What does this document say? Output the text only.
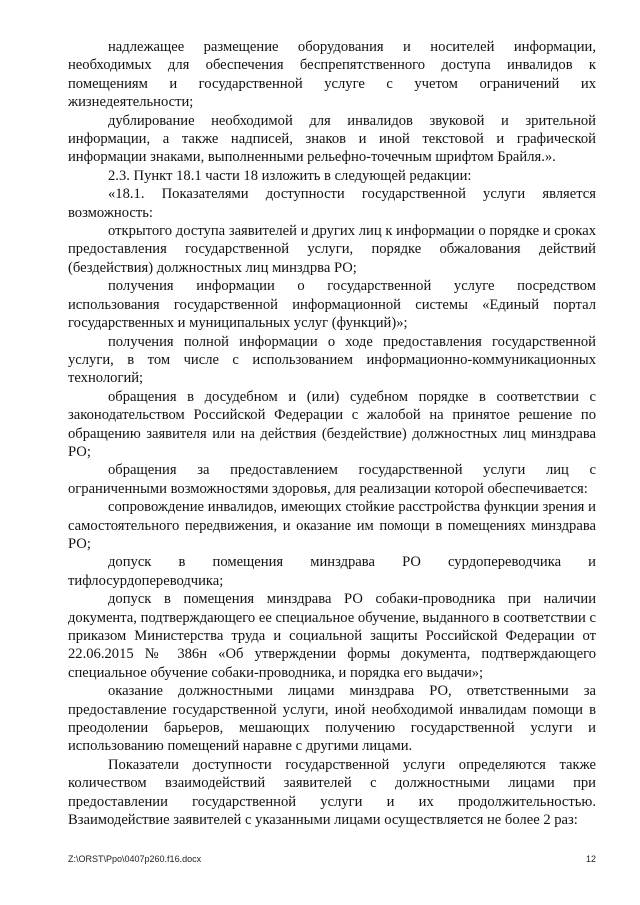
надлежащее размещение оборудования и носителей информации, необходимых для обеспечения беспрепятственного доступа инвалидов к помещениям и государственной услуге с учетом ограничений их жизнедеятельности;

дублирование необходимой для инвалидов звуковой и зрительной информации, а также надписей, знаков и иной текстовой и графической информации знаками, выполненными рельефно-точечным шрифтом Брайля.».

2.3. Пункт 18.1 части 18 изложить в следующей редакции:

«18.1. Показателями доступности государственной услуги является возможность:

открытого доступа заявителей и других лиц к информации о порядке и сроках предоставления государственной услуги, порядке обжалования действий (бездействия) должностных лиц минздрва РО;

получения информации о государственной услуге посредством использования государственной информационной системы «Единый портал государственных и муниципальных услуг (функций)»;

получения полной информации о ходе предоставления государственной услуги, в том числе с использованием информационно-коммуникационных технологий;

обращения в досудебном и (или) судебном порядке в соответствии с законодательством Российской Федерации с жалобой на принятое решение по обращению заявителя или на действия (бездействие) должностных лиц минздрава РО;

обращения за предоставлением государственной услуги лиц с ограниченными возможностями здоровья, для реализации которой обеспечивается:

сопровождение инвалидов, имеющих стойкие расстройства функции зрения и самостоятельного передвижения, и оказание им помощи в помещениях минздрава РО;

допуск в помещения минздрава РО сурдопереводчика и тифлосурдопереводчика;

допуск в помещения минздрава РО собаки-проводника при наличии документа, подтверждающего ее специальное обучение, выданного в соответствии с приказом Министерства труда и социальной защиты Российской Федерации от 22.06.2015 № 386н «Об утверждении формы документа, подтверждающего специальное обучение собаки-проводника, и порядка его выдачи»;

оказание должностными лицами минздрава РО, ответственными за предоставление государственной услуги, иной необходимой инвалидам помощи в преодолении барьеров, мешающих получению государственной услуги и использованию помещений наравне с другими лицами.

Показатели доступности государственной услуги определяются также количеством взаимодействий заявителей с должностными лицами при предоставлении государственной услуги и их продолжительностью. Взаимодействие заявителей с указанными лицами осуществляется не более 2 раз:

Z:\ORST\Ppo\0407p260.f16.docx	12
